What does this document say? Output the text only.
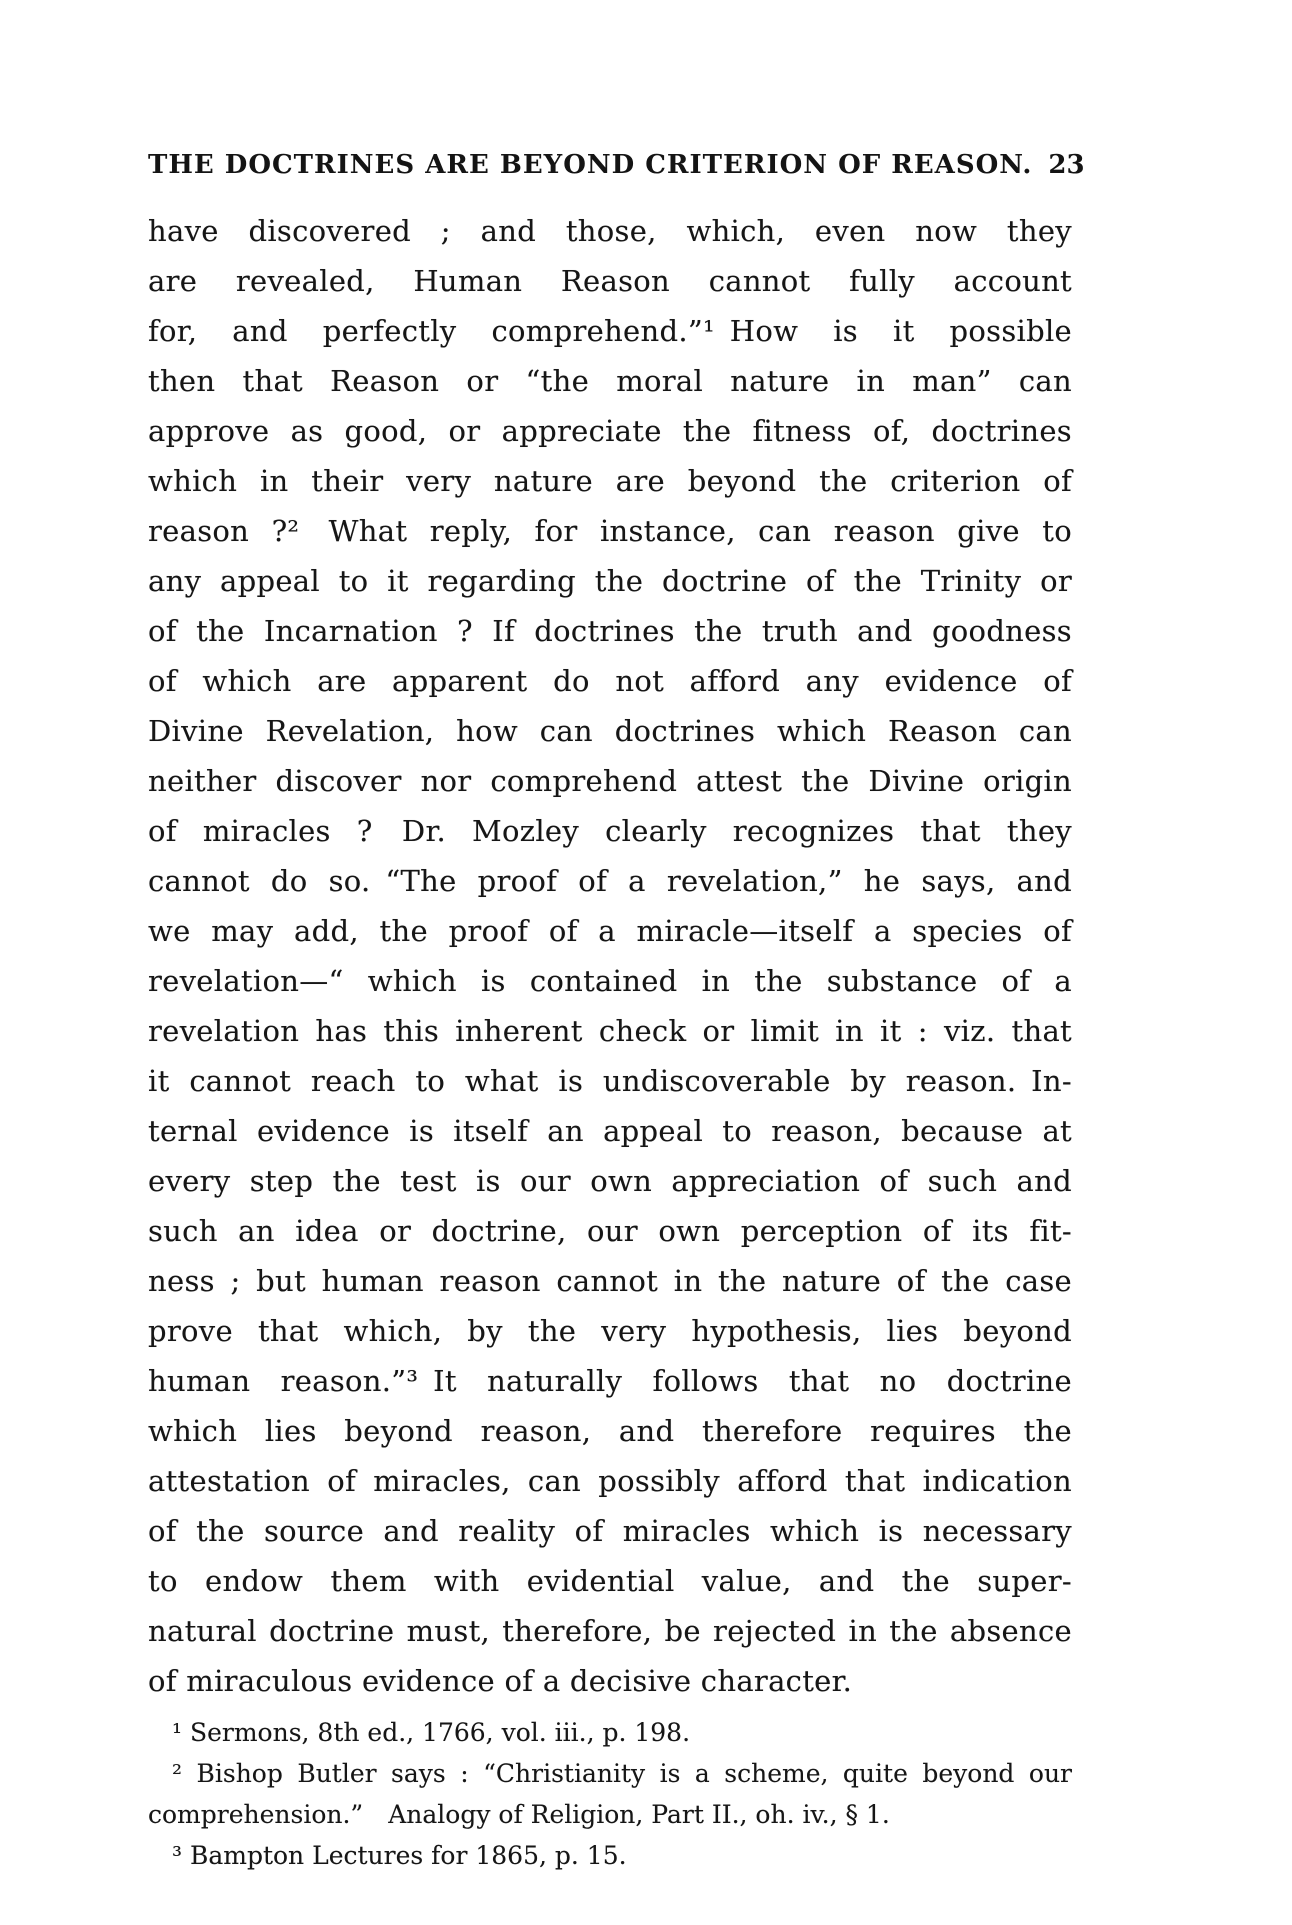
THE DOCTRINES ARE BEYOND CRITERION OF REASON. 23
have discovered ; and those, which, even now they
are revealed, Human Reason cannot fully account
for, and perfectly comprehend.”¹ How is it possible
then that Reason or “the moral nature in man” can
approve as good, or appreciate the fitness of, doctrines
which in their very nature are beyond the criterion of
reason ?² What reply, for instance, can reason give to
any appeal to it regarding the doctrine of the Trinity or
of the Incarnation ? If doctrines the truth and goodness
of which are apparent do not afford any evidence of
Divine Revelation, how can doctrines which Reason can
neither discover nor comprehend attest the Divine origin
of miracles ? Dr. Mozley clearly recognizes that they
cannot do so. “The proof of a revelation,” he says, and
we may add, the proof of a miracle—itself a species of
revelation—“ which is contained in the substance of a
revelation has this inherent check or limit in it : viz. that
it cannot reach to what is undiscoverable by reason. In-
ternal evidence is itself an appeal to reason, because at
every step the test is our own appreciation of such and
such an idea or doctrine, our own perception of its fit-
ness ; but human reason cannot in the nature of the case
prove that which, by the very hypothesis, lies beyond
human reason.”³ It naturally follows that no doctrine
which lies beyond reason, and therefore requires the
attestation of miracles, can possibly afford that indication
of the source and reality of miracles which is necessary
to endow them with evidential value, and the super-
natural doctrine must, therefore, be rejected in the absence
of miraculous evidence of a decisive character.
¹ Sermons, 8th ed., 1766, vol. iii., p. 198.
² Bishop Butler says : “Christianity is a scheme, quite beyond our
comprehension.” Analogy of Religion, Part II., oh. iv., § 1.
³ Bampton Lectures for 1865, p. 15.
